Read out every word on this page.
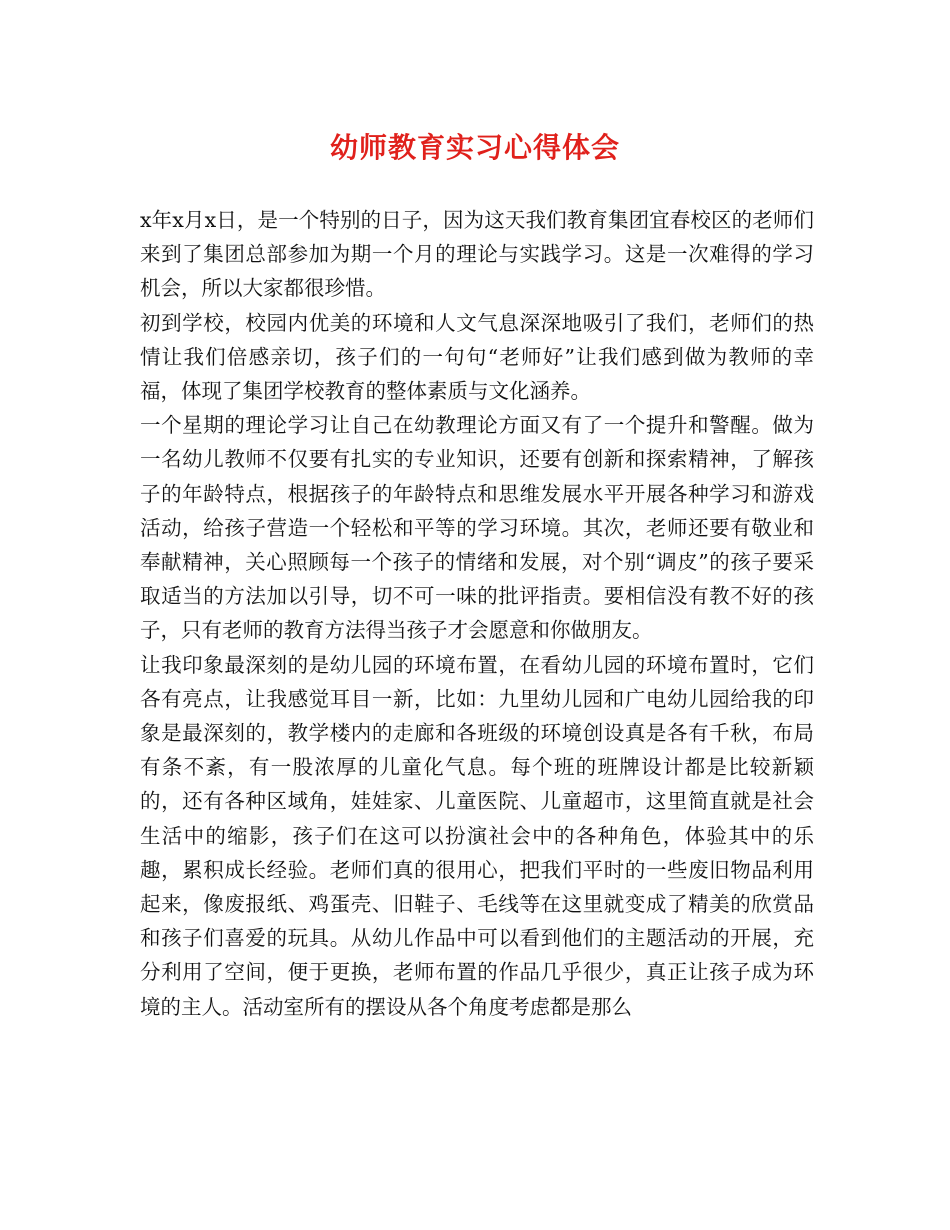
幼师教育实习心得体会

x年x月x日，是一个特别的日子，因为这天我们教育集团宜春校区的老师们来到了集团总部参加为期一个月的理论与实践学习。这是一次难得的学习机会，所以大家都很珍惜。

初到学校，校园内优美的环境和人文气息深深地吸引了我们，老师们的热情让我们倍感亲切，孩子们的一句句“老师好”让我们感到做为教师的幸福，体现了集团学校教育的整体素质与文化涵养。

一个星期的理论学习让自己在幼教理论方面又有了一个提升和警醒。做为一名幼儿教师不仅要有扎实的专业知识，还要有创新和探索精神，了解孩子的年龄特点，根据孩子的年龄特点和思维发展水平开展各种学习和游戏活动，给孩子营造一个轻松和平等的学习环境。其次，老师还要有敬业和奉献精神，关心照顾每一个孩子的情绪和发展，对个别“调皮”的孩子要采取适当的方法加以引导，切不可一味的批评指责。要相信没有教不好的孩子，只有老师的教育方法得当孩子才会愿意和你做朋友。

让我印象最深刻的是幼儿园的环境布置，在看幼儿园的环境布置时，它们各有亮点，让我感觉耳目一新，比如：九里幼儿园和广电幼儿园给我的印象是最深刻的，教学楼内的走廊和各班级的环境创设真是各有千秋，布局有条不紊，有一股浓厚的儿童化气息。每个班的班牌设计都是比较新颖的，还有各种区域角，娃娃家、儿童医院、儿童超市，这里简直就是社会生活中的缩影，孩子们在这可以扮演社会中的各种角色，体验其中的乐趣，累积成长经验。老师们真的很用心，把我们平时的一些废旧物品利用起来，像废报纸、鸡蛋壳、旧鞋子、毛线等在这里就变成了精美的欣赏品和孩子们喜爱的玩具。从幼儿作品中可以看到他们的主题活动的开展，充分利用了空间，便于更换，老师布置的作品几乎很少，真正让孩子成为环境的主人。活动室所有的摆设从各个角度考虑都是那么
